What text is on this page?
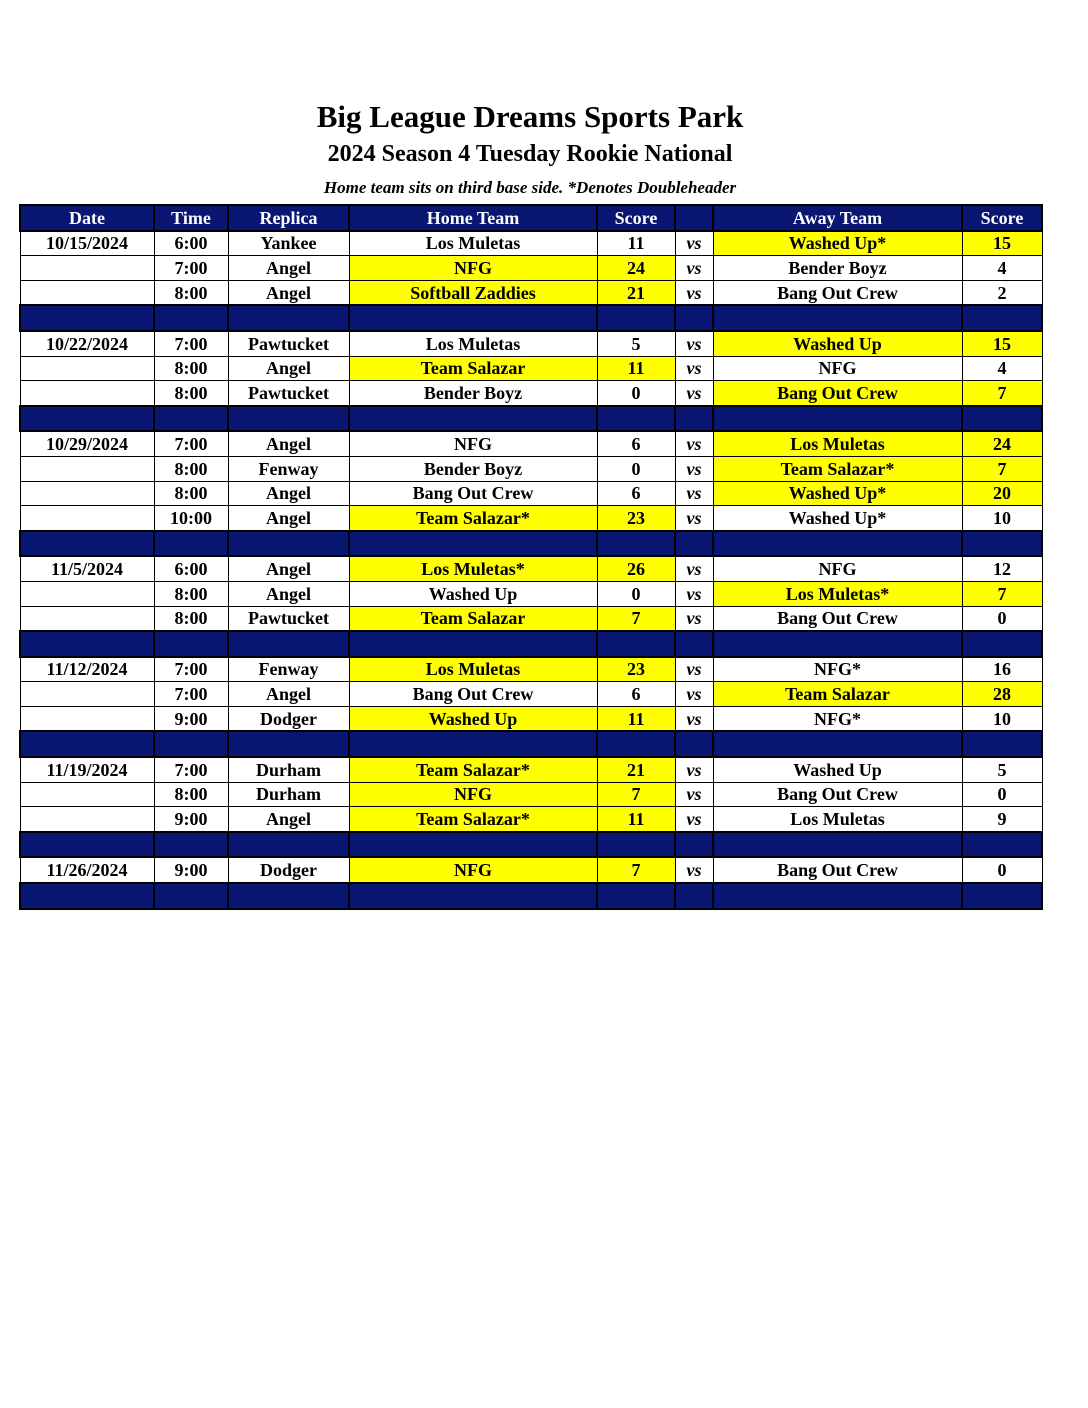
Big League Dreams Sports Park
2024 Season 4 Tuesday Rookie National
Home team sits on third base side. *Denotes Doubleheader
Date	Time	Replica	Home Team	Score		Away Team	Score
10/15/2024	6:00	Yankee	Los Muletas	11	vs	Washed Up*	15
	7:00	Angel	NFG	24	vs	Bender Boyz	4
	8:00	Angel	Softball Zaddies	21	vs	Bang Out Crew	2

10/22/2024	7:00	Pawtucket	Los Muletas	5	vs	Washed Up	15
	8:00	Angel	Team Salazar	11	vs	NFG	4
	8:00	Pawtucket	Bender Boyz	0	vs	Bang Out Crew	7

10/29/2024	7:00	Angel	NFG	6	vs	Los Muletas	24
	8:00	Fenway	Bender Boyz	0	vs	Team Salazar*	7
	8:00	Angel	Bang Out Crew	6	vs	Washed Up*	20
	10:00	Angel	Team Salazar*	23	vs	Washed Up*	10

11/5/2024	6:00	Angel	Los Muletas*	26	vs	NFG	12
	8:00	Angel	Washed Up	0	vs	Los Muletas*	7
	8:00	Pawtucket	Team Salazar	7	vs	Bang Out Crew	0

11/12/2024	7:00	Fenway	Los Muletas	23	vs	NFG*	16
	7:00	Angel	Bang Out Crew	6	vs	Team Salazar	28
	9:00	Dodger	Washed Up	11	vs	NFG*	10

11/19/2024	7:00	Durham	Team Salazar*	21	vs	Washed Up	5
	8:00	Durham	NFG	7	vs	Bang Out Crew	0
	9:00	Angel	Team Salazar*	11	vs	Los Muletas	9

11/26/2024	9:00	Dodger	NFG	7	vs	Bang Out Crew	0
